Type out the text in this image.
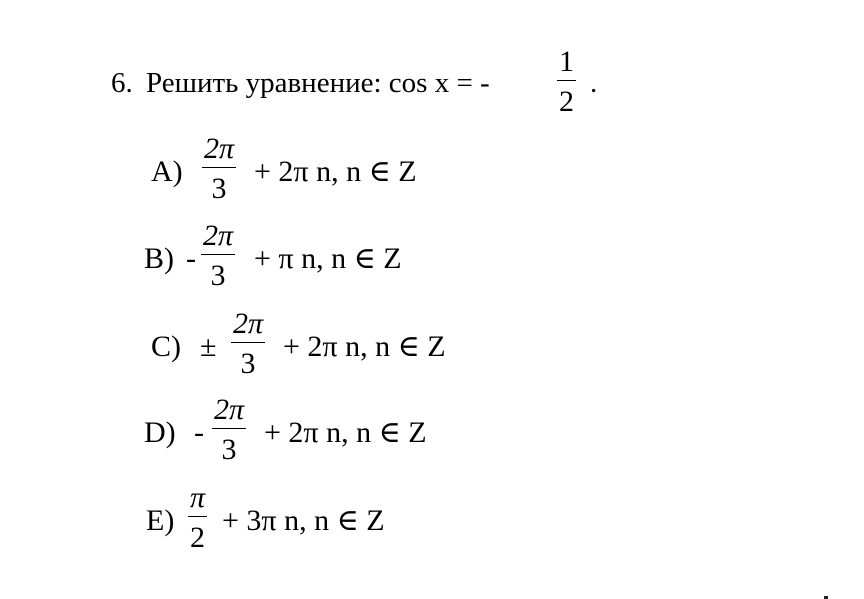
6. Решить уравнение: cos x = -
1
2
.
A)
2π
3
+ 2π n, n ∈ Z
B) -
2π
3
+ π n, n ∈ Z
C) ±
2π
3
+ 2π n, n ∈ Z
D) -
2π
3
+ 2π n, n ∈ Z
E)
π
2
+ 3π n, n ∈ Z
